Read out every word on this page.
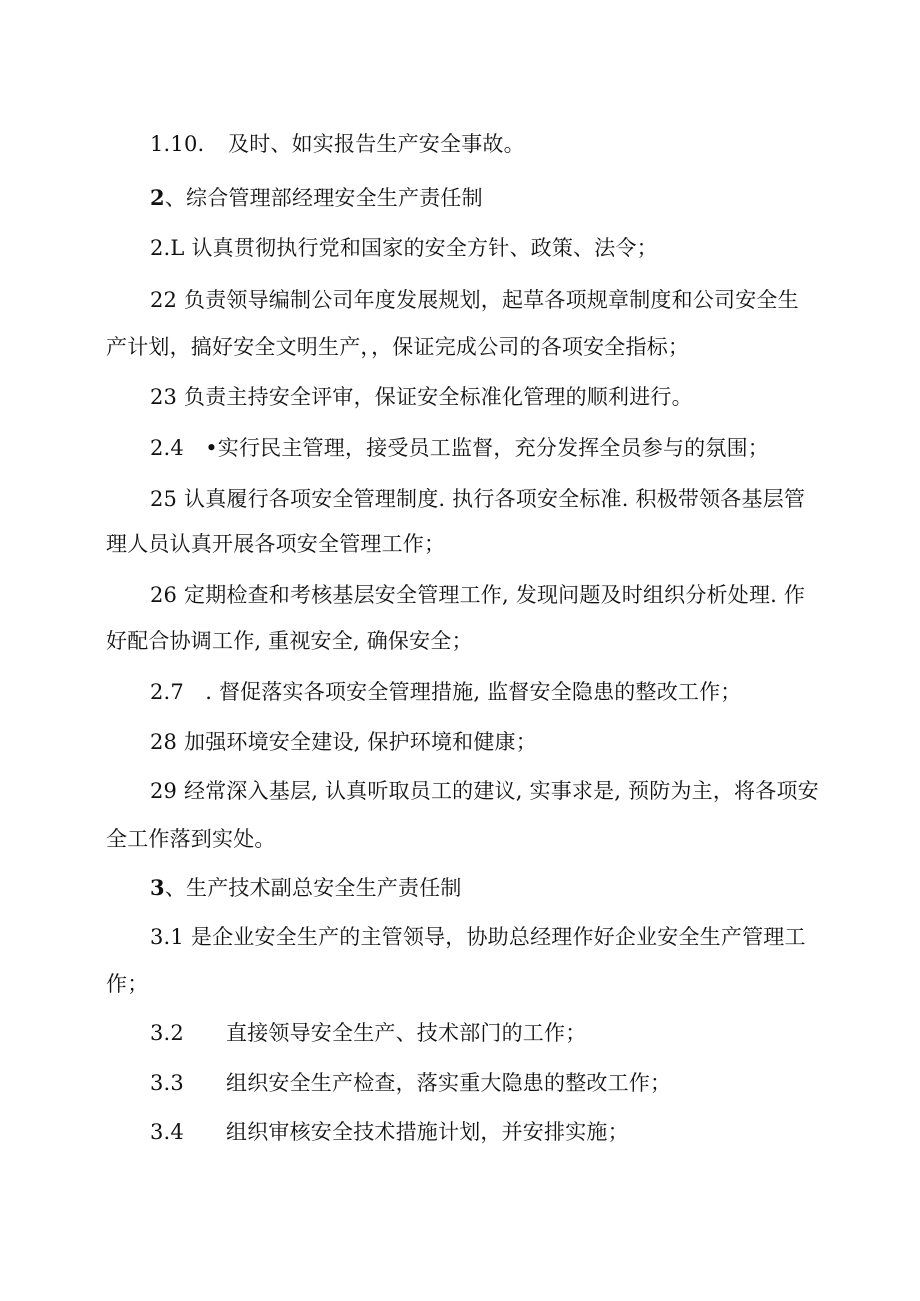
1.10. 及时、如实报告生产安全事故。
2、综合管理部经理安全生产责任制
2.L 认真贯彻执行党和国家的安全方针、政策、法令；
22 负责领导编制公司年度发展规划，起草各项规章制度和公司安全生
产计划，搞好安全文明生产，，保证完成公司的各项安全指标；
23 负责主持安全评审，保证安全标准化管理的顺利进行。
2.4　•实行民主管理，接受员工监督，充分发挥全员参与的氛围；
25 认真履行各项安全管理制度. 执行各项安全标准. 积极带领各基层管
理人员认真开展各项安全管理工作；
26 定期检查和考核基层安全管理工作, 发现问题及时组织分析处理. 作
好配合协调工作, 重视安全, 确保安全；
2.7　. 督促落实各项安全管理措施, 监督安全隐患的整改工作；
28 加强环境安全建设, 保护环境和健康；
29 经常深入基层, 认真听取员工的建议, 实事求是, 预防为主，将各项安
全工作落到实处。
3、生产技术副总安全生产责任制
3.1 是企业安全生产的主管领导，协助总经理作好企业安全生产管理工
作；
3.2 直接领导安全生产、技术部门的工作；
3.3 组织安全生产检查，落实重大隐患的整改工作；
3.4 组织审核安全技术措施计划，并安排实施；
